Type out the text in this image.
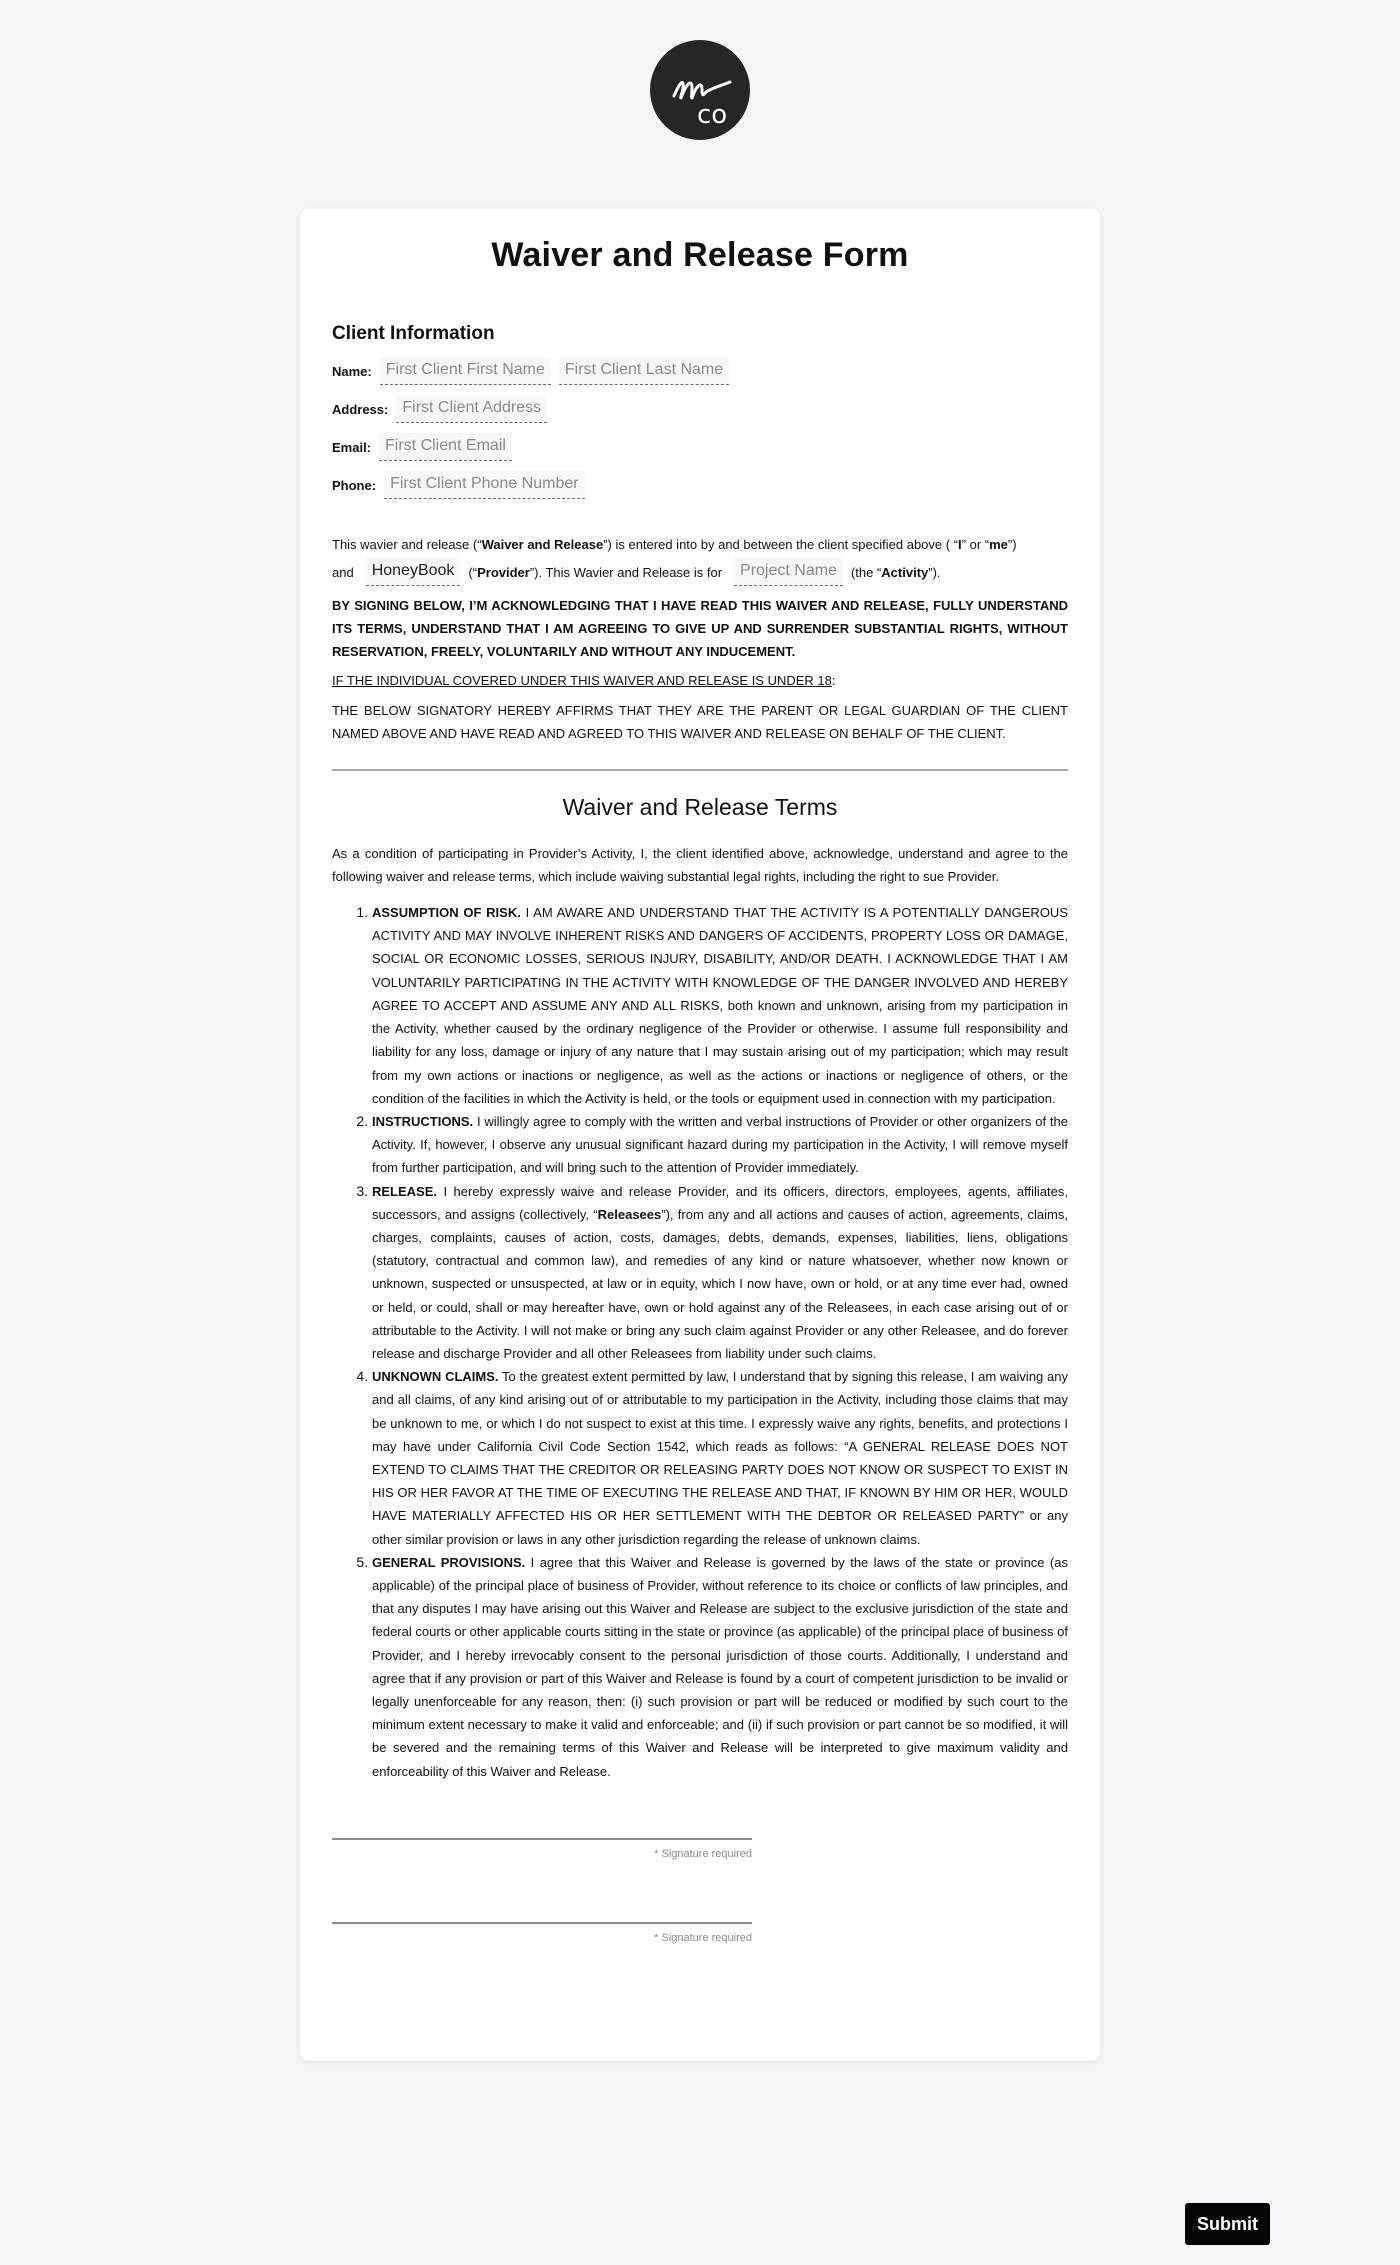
co
Waiver and Release Form
Client Information
Name: First Client First Name	First Client Last Name
Address: First Client Address
Email: First Client Email
Phone: First Client Phone Number

This wavier and release (“Waiver and Release”) is entered into by and between the client specified above ( “I” or “me”)

and	HoneyBook	(“ Provider ”). This Wavier and Release is for	Project Name	(the “ Activity ”).
BY SIGNING BELOW, I’M ACKNOWLEDGING THAT I HAVE READ THIS WAIVER AND RELEASE, FULLY UNDERSTAND ITS TERMS, UNDERSTAND THAT I AM AGREEING TO GIVE UP AND SURRENDER SUBSTANTIAL RIGHTS, WITHOUT RESERVATION, FREELY, VOLUNTARILY AND WITHOUT ANY INDUCEMENT.
IF THE INDIVIDUAL COVERED UNDER THIS WAIVER AND RELEASE IS UNDER 18:
THE BELOW SIGNATORY HEREBY AFFIRMS THAT THEY ARE THE PARENT OR LEGAL GUARDIAN OF THE CLIENT NAMED ABOVE AND HAVE READ AND AGREED TO THIS WAIVER AND RELEASE ON BEHALF OF THE CLIENT.
Waiver and Release Terms

As a condition of participating in Provider’s Activity, I, the client identified above, acknowledge, understand and agree to the following waiver and release terms, which include waiving substantial legal rights, including the right to sue Provider.

1. ASSUMPTION OF RISK. I AM AWARE AND UNDERSTAND THAT THE ACTIVITY IS A POTENTIALLY DANGEROUS ACTIVITY AND MAY INVOLVE INHERENT RISKS AND DANGERS OF ACCIDENTS, PROPERTY LOSS OR DAMAGE, SOCIAL OR ECONOMIC LOSSES, SERIOUS INJURY, DISABILITY, AND/OR DEATH. I ACKNOWLEDGE THAT I AM VOLUNTARILY PARTICIPATING IN THE ACTIVITY WITH KNOWLEDGE OF THE DANGER INVOLVED AND HEREBY AGREE TO ACCEPT AND ASSUME ANY AND ALL RISKS, both known and unknown, arising from my participation in the Activity, whether caused by the ordinary negligence of the Provider or otherwise. I assume full responsibility and liability for any loss, damage or injury of any nature that I may sustain arising out of my participation; which may result from my own actions or inactions or negligence, as well as the actions or inactions or negligence of others, or the condition of the facilities in which the Activity is held, or the tools or equipment used in connection with my participation.
2. INSTRUCTIONS. I willingly agree to comply with the written and verbal instructions of Provider or other organizers of the Activity. If, however, I observe any unusual significant hazard during my participation in the Activity, I will remove myself from further participation, and will bring such to the attention of Provider immediately.
3. RELEASE. I hereby expressly waive and release Provider, and its officers, directors, employees, agents, affiliates, successors, and assigns (collectively, “Releasees”), from any and all actions and causes of action, agreements, claims, charges, complaints, causes of action, costs, damages, debts, demands, expenses, liabilities, liens, obligations (statutory, contractual and common law), and remedies of any kind or nature whatsoever, whether now known or unknown, suspected or unsuspected, at law or in equity, which I now have, own or hold, or at any time ever had, owned or held, or could, shall or may hereafter have, own or hold against any of the Releasees, in each case arising out of or attributable to the Activity. I will not make or bring any such claim against Provider or any other Releasee, and do forever release and discharge Provider and all other Releasees from liability under such claims.
4. UNKNOWN CLAIMS. To the greatest extent permitted by law, I understand that by signing this release, I am waiving any and all claims, of any kind arising out of or attributable to my participation in the Activity, including those claims that may be unknown to me, or which I do not suspect to exist at this time. I expressly waive any rights, benefits, and protections I may have under California Civil Code Section 1542, which reads as follows: “A GENERAL RELEASE DOES NOT EXTEND TO CLAIMS THAT THE CREDITOR OR RELEASING PARTY DOES NOT KNOW OR SUSPECT TO EXIST IN HIS OR HER FAVOR AT THE TIME OF EXECUTING THE RELEASE AND THAT, IF KNOWN BY HIM OR HER, WOULD HAVE MATERIALLY AFFECTED HIS OR HER SETTLEMENT WITH THE DEBTOR OR RELEASED PARTY” or any other similar provision or laws in any other jurisdiction regarding the release of unknown claims.
5. GENERAL PROVISIONS. I agree that this Waiver and Release is governed by the laws of the state or province (as applicable) of the principal place of business of Provider, without reference to its choice or conflicts of law principles, and that any disputes I may have arising out this Waiver and Release are subject to the exclusive jurisdiction of the state and federal courts or other applicable courts sitting in the state or province (as applicable) of the principal place of business of Provider, and I hereby irrevocably consent to the personal jurisdiction of those courts. Additionally, I understand and agree that if any provision or part of this Waiver and Release is found by a court of competent jurisdiction to be invalid or legally unenforceable for any reason, then: (i) such provision or part will be reduced or modified by such court to the minimum extent necessary to make it valid and enforceable; and (ii) if such provision or part cannot be so modified, it will be severed and the remaining terms of this Waiver and Release will be interpreted to give maximum validity and enforceability of this Waiver and Release.
* Signature required
* Signature required
Submit
